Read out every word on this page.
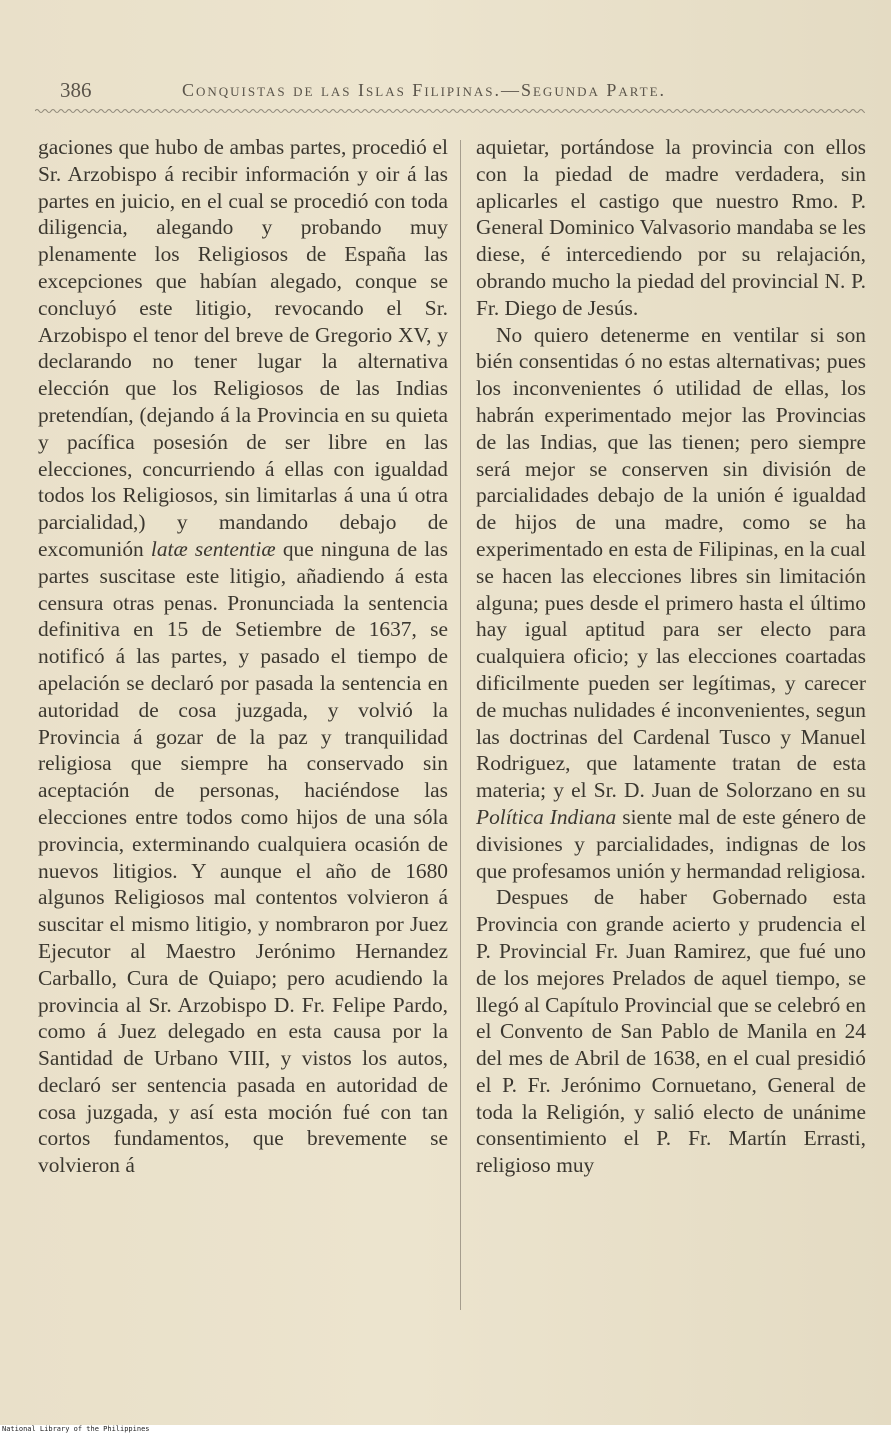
386	Conquistas de las Islas Filipinas.—Segunda Parte.

gaciones que hubo de ambas partes, procedió el Sr. Arzobispo á recibir información y oir á las partes en juicio, en el cual se procedió con toda diligencia, alegando y probando muy plenamente los Religiosos de España las excepciones que habían alegado, conque se concluyó este litigio, revocando el Sr. Arzobispo el tenor del breve de Gregorio XV, y declarando no tener lugar la alternativa elección que los Religiosos de las Indias pretendían, (dejando á la Provincia en su quieta y pacífica posesión de ser libre en las elecciones, concurriendo á ellas con igualdad todos los Religiosos, sin limitarlas á una ú otra parcialidad,) y mandando debajo de excomunión latæ sententiæ que ninguna de las partes suscitase este litigio, añadiendo á esta censura otras penas. Pronunciada la sentencia definitiva en 15 de Setiembre de 1637, se notificó á las partes, y pasado el tiempo de apelación se declaró por pasada la sentencia en autoridad de cosa juzgada, y volvió la Provincia á gozar de la paz y tranquilidad religiosa que siempre ha conservado sin aceptación de personas, haciéndose las elecciones entre todos como hijos de una sóla provincia, exterminando cualquiera ocasión de nuevos litigios. Y aunque el año de 1680 algunos Religiosos mal contentos volvieron á suscitar el mismo litigio, y nombraron por Juez Ejecutor al Maestro Jerónimo Hernandez Carballo, Cura de Quiapo; pero acudiendo la provincia al Sr. Arzobispo D. Fr. Felipe Pardo, como á Juez delegado en esta causa por la Santidad de Urbano VIII, y vistos los autos, declaró ser sentencia pasada en autoridad de cosa juzgada, y así esta moción fué con tan cortos fundamentos, que brevemente se volvieron á

aquietar, portándose la provincia con ellos con la piedad de madre verdadera, sin aplicarles el castigo que nuestro Rmo. P. General Dominico Valvasorio mandaba se les diese, é intercediendo por su relajación, obrando mucho la piedad del provincial N. P. Fr. Diego de Jesús.

No quiero detenerme en ventilar si son bién consentidas ó no estas alternativas; pues los inconvenientes ó utilidad de ellas, los habrán experimentado mejor las Provincias de las Indias, que las tienen; pero siempre será mejor se conserven sin división de parcialidades debajo de la unión é igualdad de hijos de una madre, como se ha experimentado en esta de Filipinas, en la cual se hacen las elecciones libres sin limitación alguna; pues desde el primero hasta el último hay igual aptitud para ser electo para cualquiera oficio; y las elecciones coartadas dificilmente pueden ser legítimas, y carecer de muchas nulidades é inconvenientes, segun las doctrinas del Cardenal Tusco y Manuel Rodriguez, que latamente tratan de esta materia; y el Sr. D. Juan de Solorzano en su Política Indiana siente mal de este género de divisiones y parcialidades, indignas de los que profesamos unión y hermandad religiosa.

Despues de haber Gobernado esta Provincia con grande acierto y prudencia el P. Provincial Fr. Juan Ramirez, que fué uno de los mejores Prelados de aquel tiempo, se llegó al Capítulo Provincial que se celebró en el Convento de San Pablo de Manila en 24 del mes de Abril de 1638, en el cual presidió el P. Fr. Jerónimo Cornuetano, General de toda la Religión, y salió electo de unánime consentimiento el P. Fr. Martín Errasti, religioso muy

National Library of the Philippines
